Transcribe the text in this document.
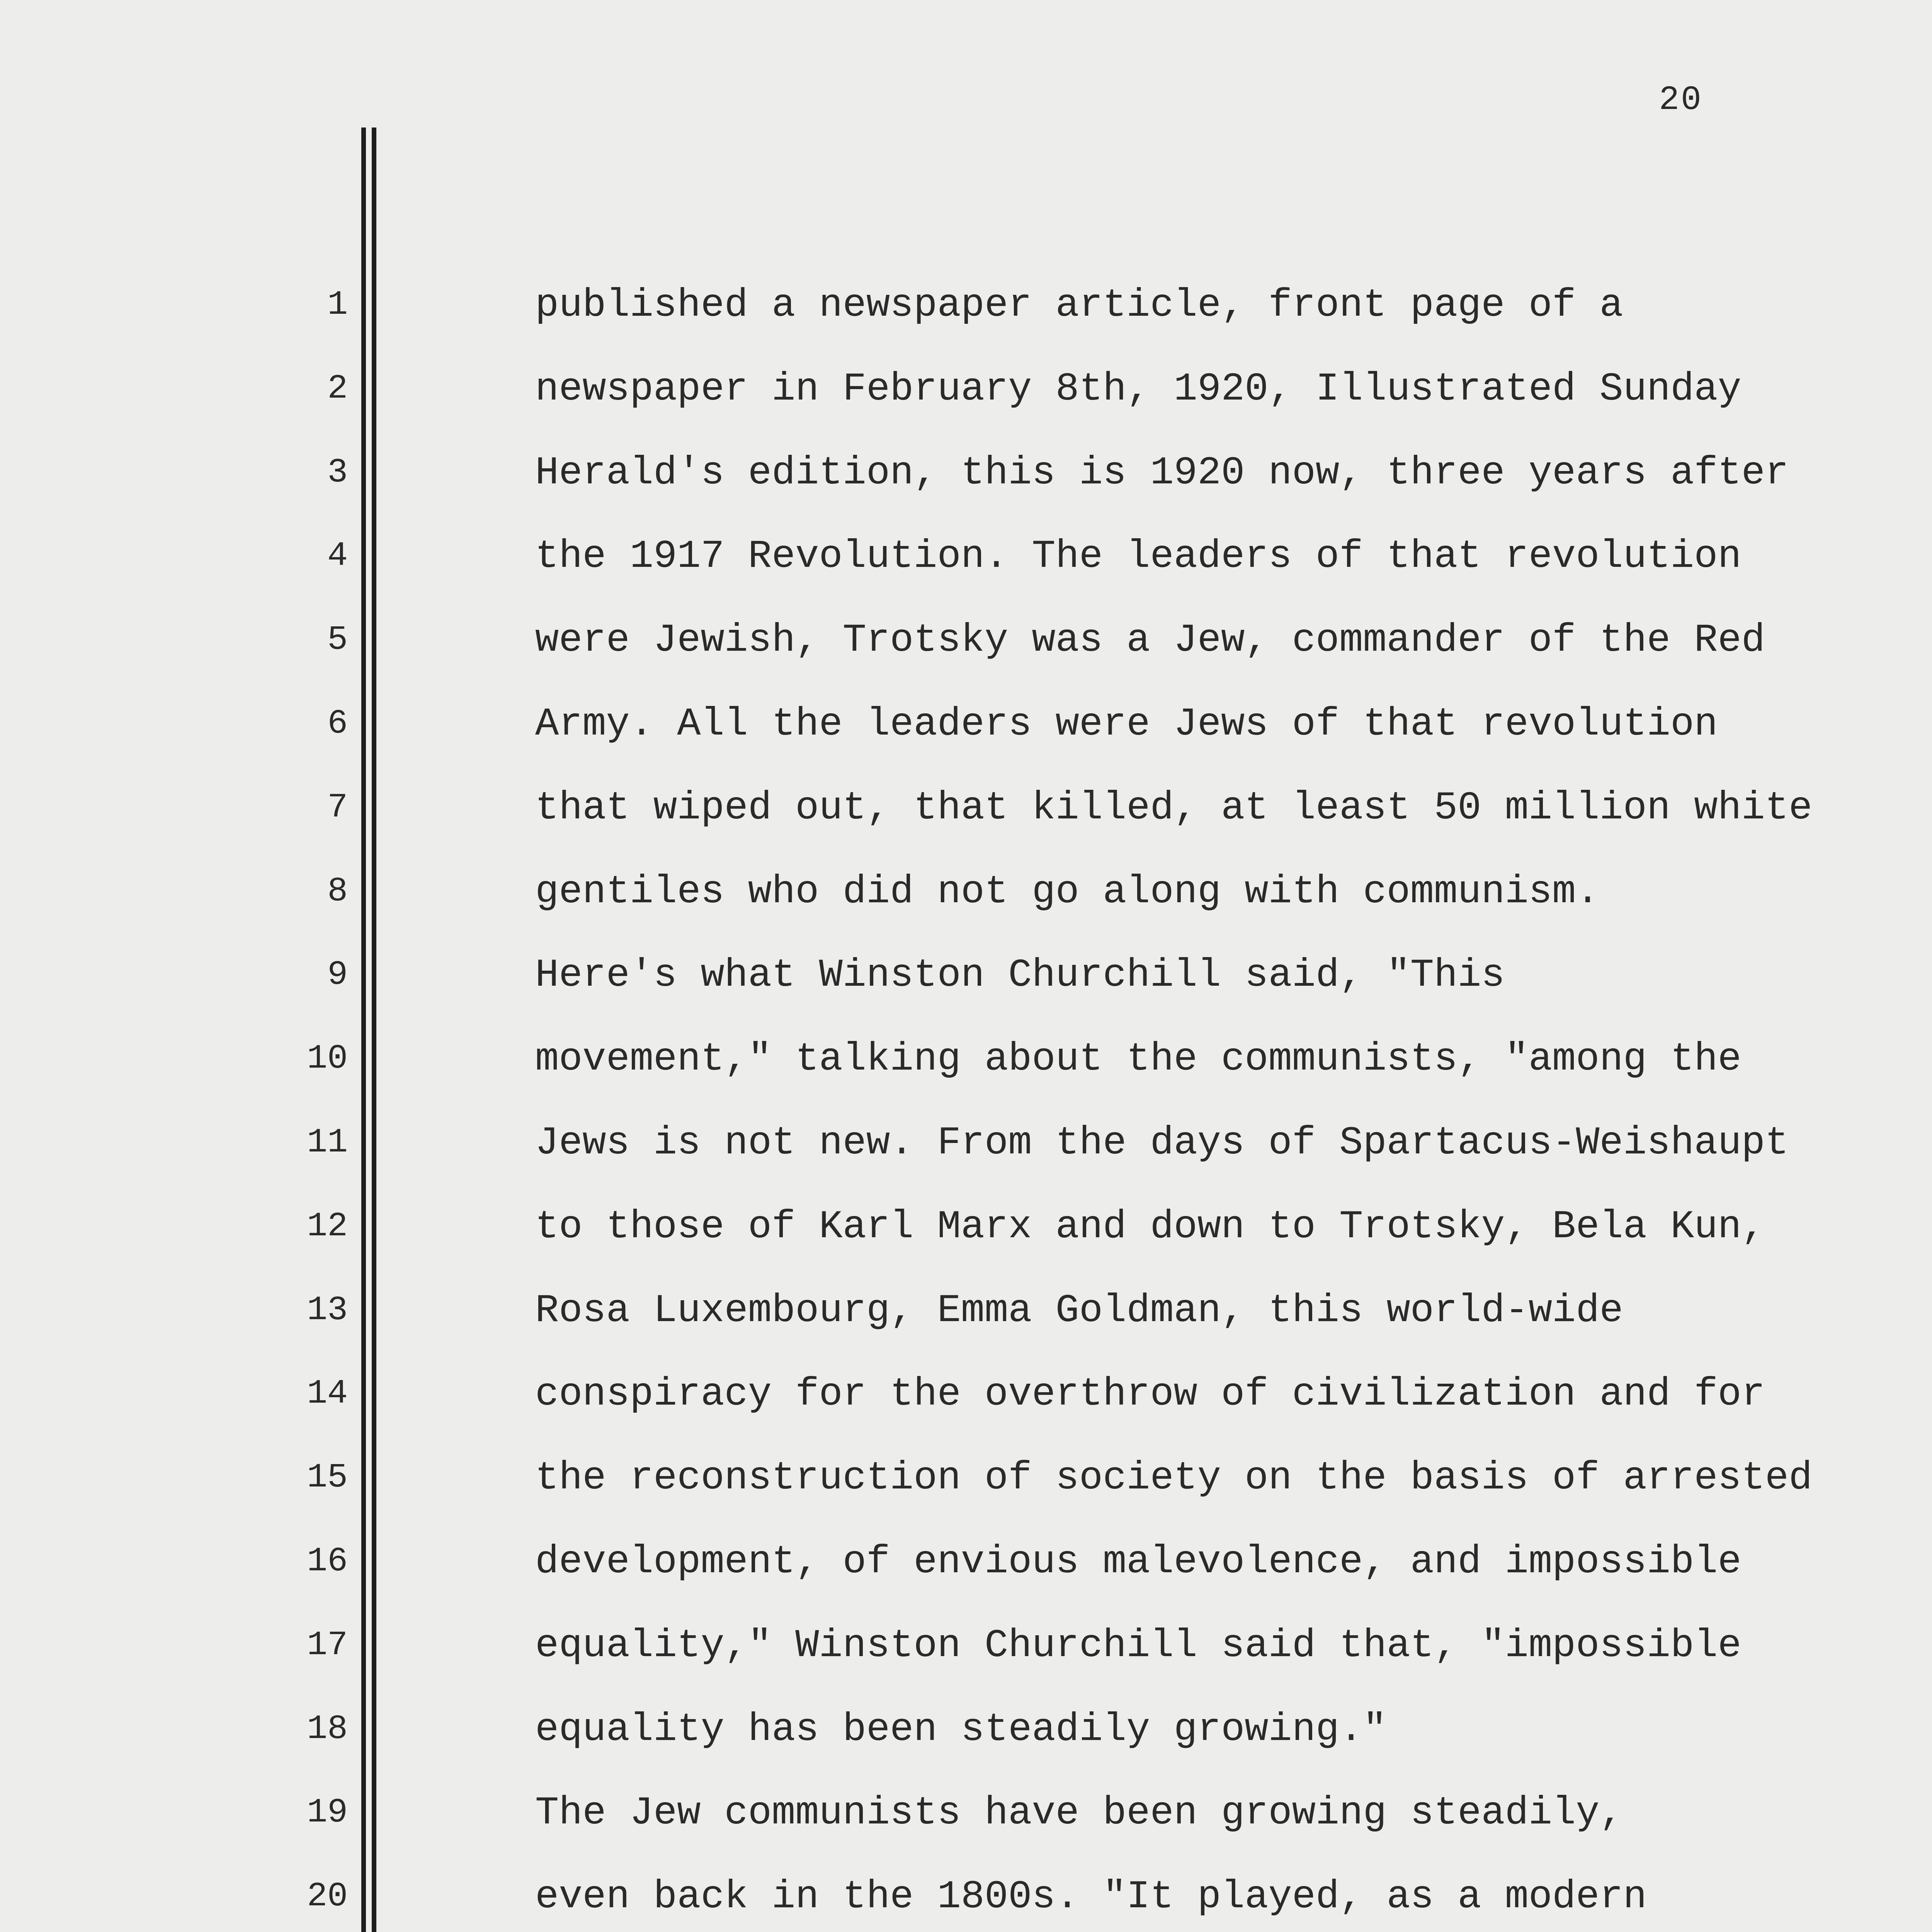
20
1
2
3
4
5
6
7
8
9
10
11
12
13
14
15
16
17
18
19
20
published a newspaper article, front page of a
newspaper in February 8th, 1920, Illustrated Sunday
Herald's edition, this is 1920 now, three years after
the 1917 Revolution. The leaders of that revolution
were Jewish, Trotsky was a Jew, commander of the Red
Army. All the leaders were Jews of that revolution
that wiped out, that killed, at least 50 million white
gentiles who did not go along with communism.
Here's what Winston Churchill said, "This
movement," talking about the communists, "among the
Jews is not new. From the days of Spartacus-Weishaupt
to those of Karl Marx and down to Trotsky, Bela Kun,
Rosa Luxembourg, Emma Goldman, this world-wide
conspiracy for the overthrow of civilization and for
the reconstruction of society on the basis of arrested
development, of envious malevolence, and impossible
equality," Winston Churchill said that, "impossible
equality has been steadily growing."
The Jew communists have been growing steadily,
even back in the 1800s. "It played, as a modern
